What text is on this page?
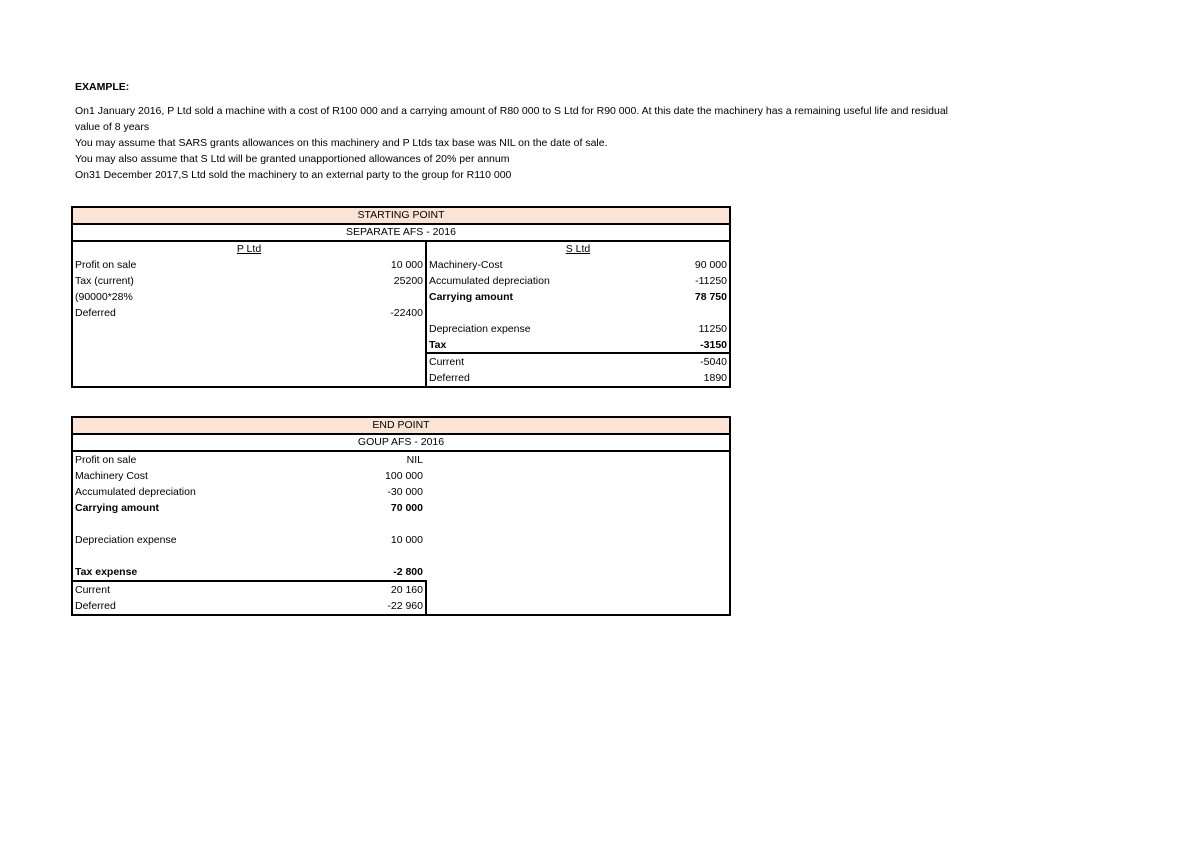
EXAMPLE:

On1 January 2016, P Ltd sold a machine with a cost of R100 000 and a carrying amount of R80 000 to S Ltd for R90 000. At this date the machinery has a remaining useful life and residual

value of 8 years

You may assume that SARS grants allowances on this machinery and P Ltds tax base was NIL on the date of sale.

You may also assume that S Ltd will be granted unapportioned allowances of 20% per annum

On31 December 2017,S Ltd sold the machinery to an external party to the group for R110 000

STARTING POINT
SEPARATE AFS - 2016
P Ltd
Profit on sale	10 000
Tax (current)	25200
(90000*28%
Deferred	-22400
S Ltd
Machinery-Cost	90 000
Accumulated depreciation	-11250
Carrying amount	78 750
Depreciation expense	11250
Tax	-3150
Current	-5040
Deferred	1890
END POINT
GOUP AFS - 2016
Profit on sale	NIL
Machinery Cost	100 000
Accumulated depreciation	-30 000
Carrying amount	70 000
Depreciation expense	10 000
Tax expense	-2 800
Current	20 160
Deferred	-22 960
